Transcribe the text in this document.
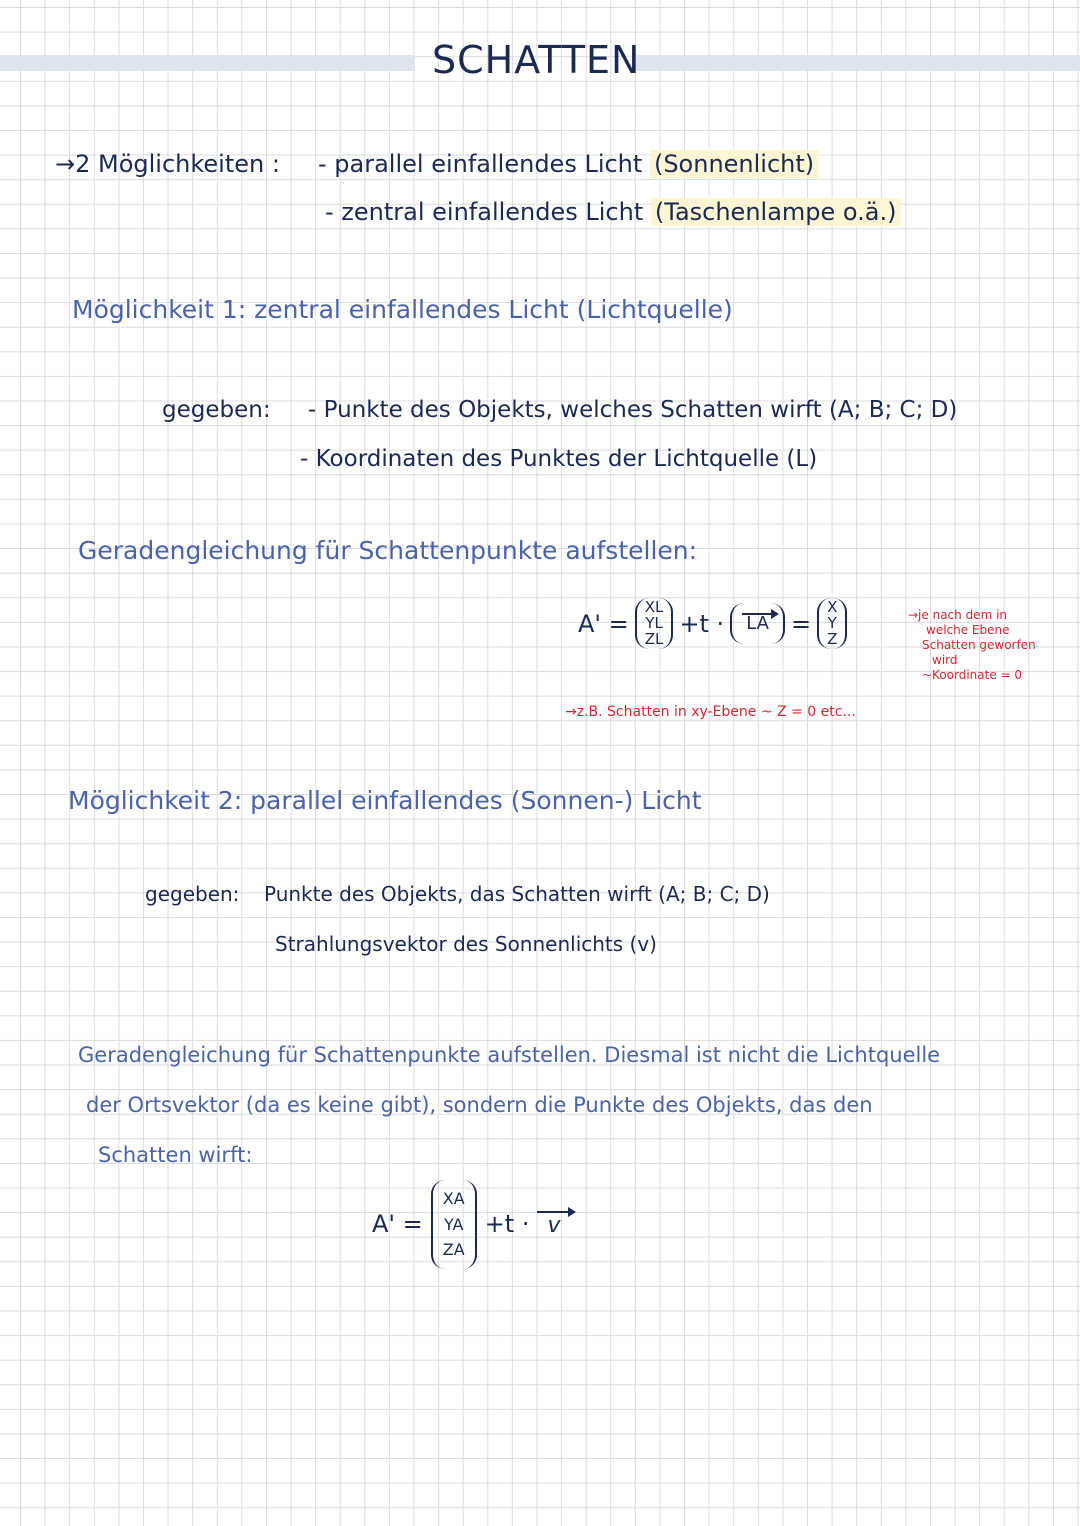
SCHATTEN
→2 Möglichkeiten : - parallel einfallendes Licht (Sonnenlicht)
- zentral einfallendes Licht (Taschenlampe o.ä.)
Möglichkeit 1: zentral einfallendes Licht (Lichtquelle)
gegeben: - Punkte des Objekts, welches Schatten wirft (A; B; C; D)
- Koordinaten des Punktes der Lichtquelle (L)
Geradengleichung für Schattenpunkte aufstellen:
A' =
XL
YL
ZL
+t · LA =
X
Y
Z
→je nach dem in
welche Ebene
Schatten geworfen
wird
~Koordinate = 0
→z.B. Schatten in xy-Ebene ~ Z = 0 etc...
Möglichkeit 2: parallel einfallendes (Sonnen-) Licht
gegeben: Punkte des Objekts, das Schatten wirft (A; B; C; D)
Strahlungsvektor des Sonnenlichts (v)
Geradengleichung für Schattenpunkte aufstellen. Diesmal ist nicht die Lichtquelle
der Ortsvektor (da es keine gibt), sondern die Punkte des Objekts, das den
Schatten wirft:
A' =
XA
YA
ZA
+t · v
